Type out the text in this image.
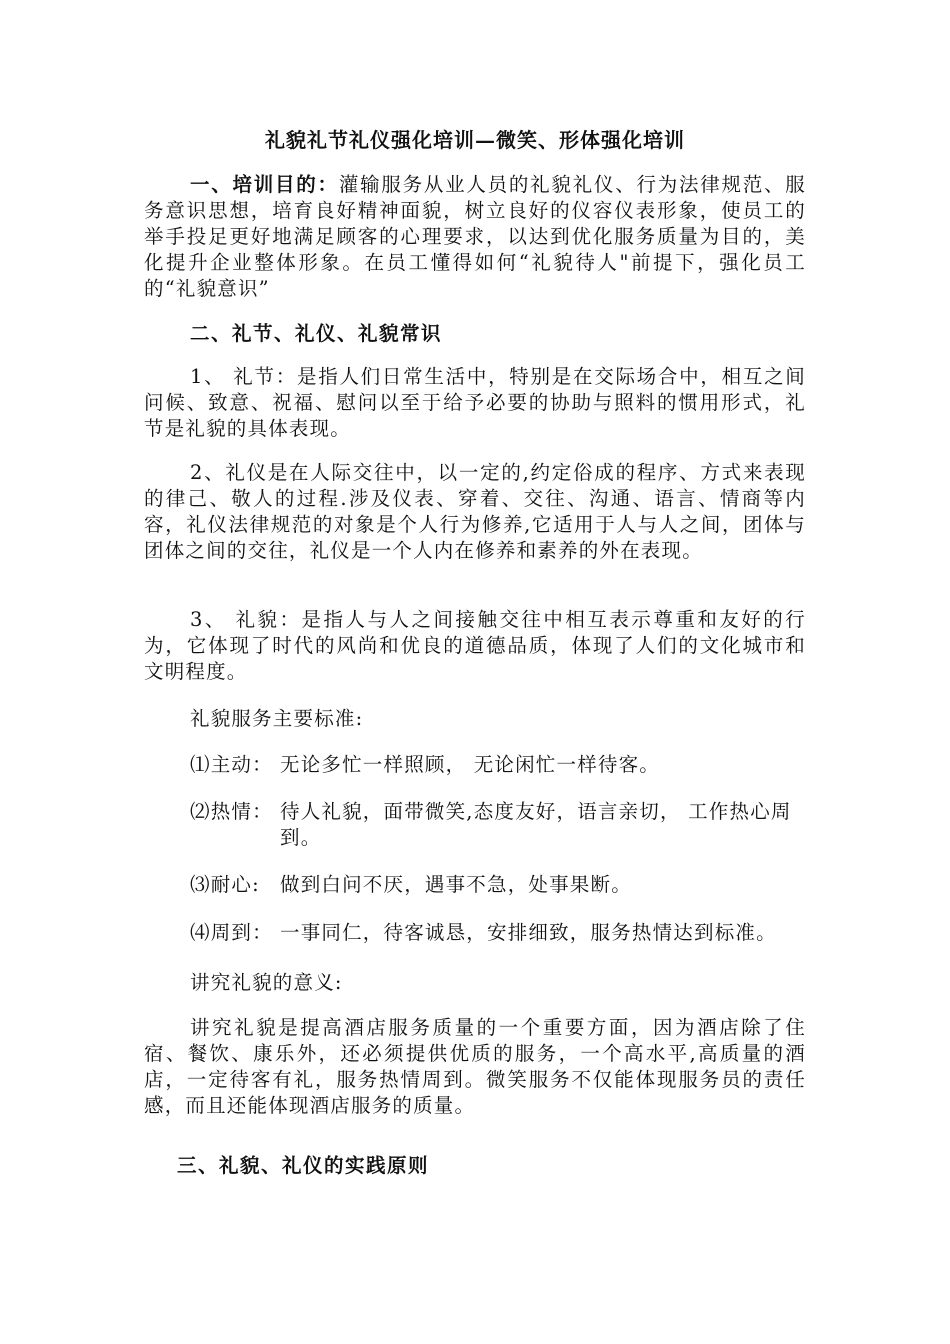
礼貌礼节礼仪强化培训—微笑、形体强化培训
一、培训目的：灌输服务从业人员的礼貌礼仪、行为法律规范、服务意识思想，培育良好精神面貌，树立良好的仪容仪表形象，使员工的举手投足更好地满足顾客的心理要求，以达到优化服务质量为目的，美化提升企业整体形象。在员工懂得如何“礼貌待人"前提下，强化员工的“礼貌意识”
二、礼节、礼仪、礼貌常识
1、 礼节：是指人们日常生活中，特别是在交际场合中，相互之间问候、致意、祝福、慰问以至于给予必要的协助与照料的惯用形式，礼节是礼貌的具体表现。
2、礼仪是在人际交往中，以一定的,约定俗成的程序、方式来表现的律己、敬人的过程.涉及仪表、穿着、交往、沟通、语言、情商等内容，礼仪法律规范的对象是个人行为修养,它适用于人与人之间，团体与团体之间的交往，礼仪是一个人内在修养和素养的外在表现。
3、 礼貌：是指人与人之间接触交往中相互表示尊重和友好的行为，它体现了时代的风尚和优良的道德品质，体现了人们的文化城市和文明程度。
礼貌服务主要标准:
⑴主动： 无论多忙一样照顾， 无论闲忙一样待客。
⑵热情： 待人礼貌，面带微笑,态度友好，语言亲切， 工作热心周到。
⑶耐心: 做到白问不厌，遇事不急，处事果断。
⑷周到： 一事同仁，待客诚恳，安排细致，服务热情达到标准。
讲究礼貌的意义:
讲究礼貌是提高酒店服务质量的一个重要方面，因为酒店除了住宿、餐饮、康乐外，还必须提供优质的服务，一个高水平,高质量的酒店，一定待客有礼，服务热情周到。微笑服务不仅能体现服务员的责任感，而且还能体现酒店服务的质量。
三、礼貌、礼仪的实践原则
